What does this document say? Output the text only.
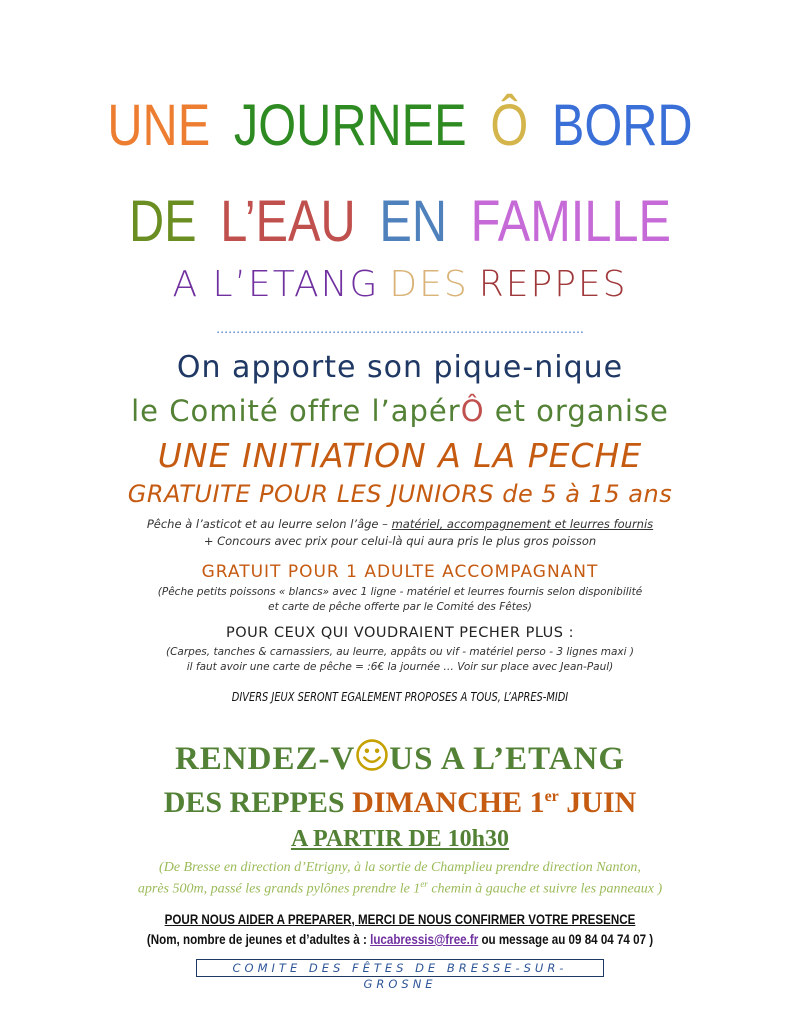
UNE JOURNEE Ô BORD
DE L’EAU EN FAMILLE
A L’ETANG DES REPPES
……………………………………………………….……………………….
On apporte son pique-nique
le Comité offre l’apérÔ et organise
UNE INITIATION A LA PECHE
GRATUITE POUR LES JUNIORS de 5 à 15 ans
Pêche à l’asticot et au leurre selon l’âge – matériel, accompagnement et leurres fournis
+ Concours avec prix pour celui-là qui aura pris le plus gros poisson
GRATUIT POUR 1 ADULTE ACCOMPAGNANT
(Pêche petits poissons « blancs» avec 1 ligne - matériel et leurres fournis selon disponibilité
et carte de pêche offerte par le Comité des Fêtes)
POUR CEUX QUI VOUDRAIENT PECHER PLUS :
(Carpes, tanches & carnassiers, au leurre, appâts ou vif - matériel perso - 3 lignes maxi )
il faut avoir une carte de pêche = :6€ la journée … Voir sur place avec Jean-Paul)
DIVERS JEUX SERONT EGALEMENT PROPOSES A TOUS, L’APRES-MIDI
RENDEZ-V US A L’ETANG
DES REPPES DIMANCHE 1er JUIN
A PARTIR DE 10h30
(De Bresse en direction d’Etrigny, à la sortie de Champlieu prendre direction Nanton,
après 500m, passé les grands pylônes prendre le 1er chemin à gauche et suivre les panneaux )
POUR NOUS AIDER A PREPARER, MERCI DE NOUS CONFIRMER VOTRE PRESENCE
(Nom, nombre de jeunes et d’adultes à : lucabressis@free.fr ou message au 09 84 04 74 07 )
COMITE DES FÊTES DE BRESSE-SUR-GROSNE
